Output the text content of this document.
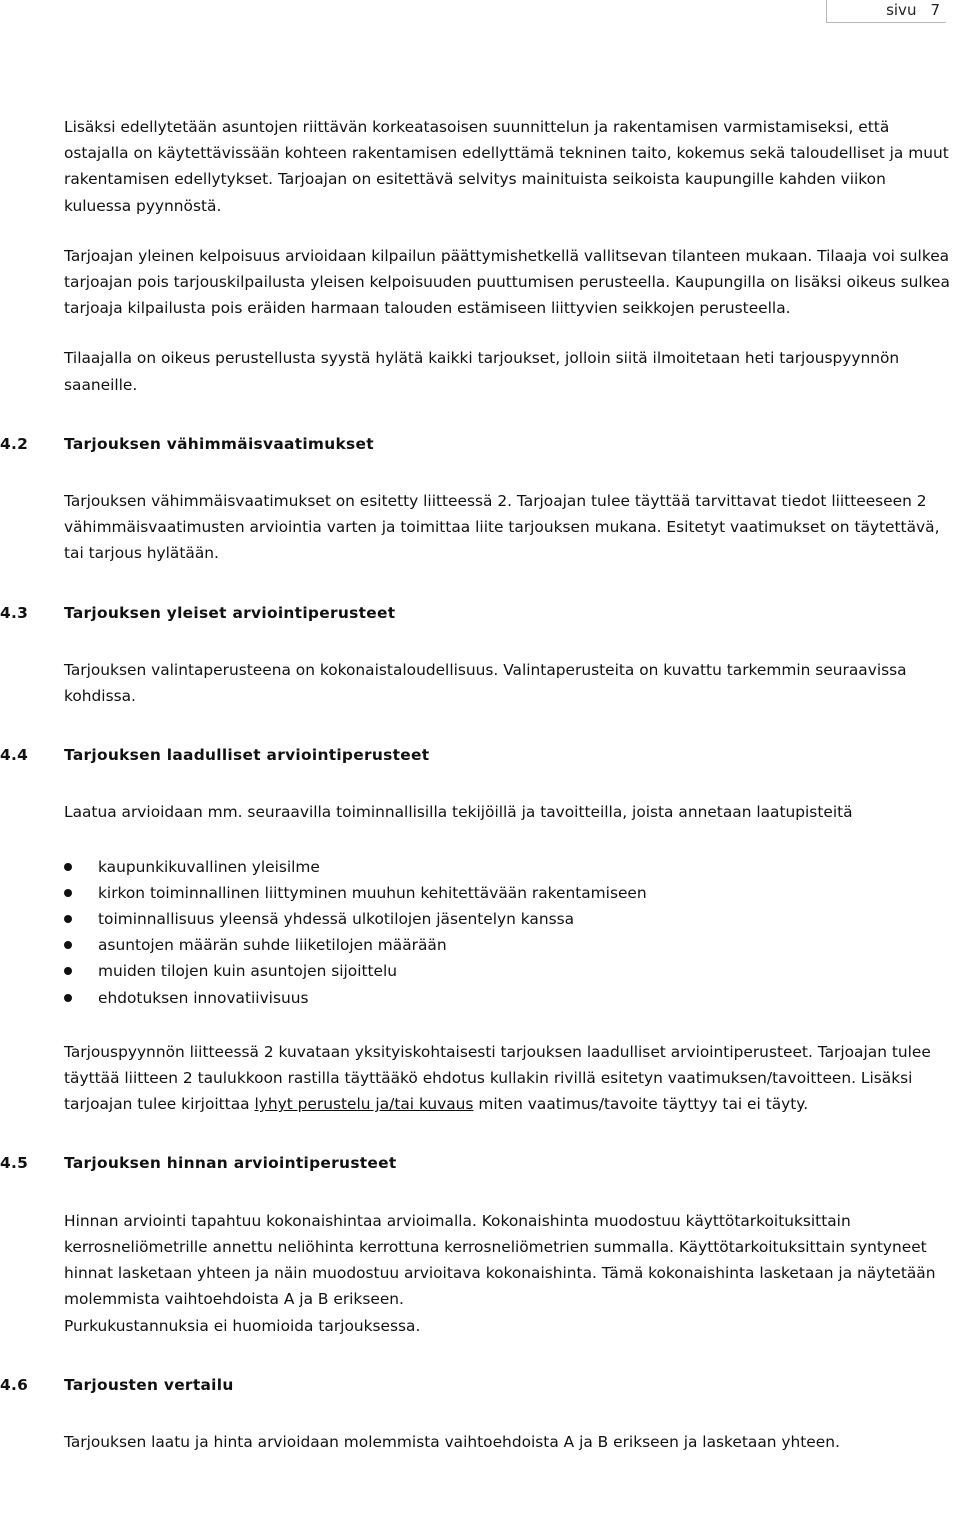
sivu 7

Lisäksi edellytetään asuntojen riittävän korkeatasoisen suunnittelun ja rakentamisen varmistamiseksi, että ostajalla on käytettävissään kohteen rakentamisen edellyttämä tekninen taito, kokemus sekä taloudelliset ja muut rakentamisen edellytykset. Tarjoajan on esitettävä selvitys mainituista seikoista kaupungille kahden viikon kuluessa pyynnöstä.

Tarjoajan yleinen kelpoisuus arvioidaan kilpailun päättymishetkellä vallitsevan tilanteen mukaan. Tilaaja voi sulkea tarjoajan pois tarjouskilpailusta yleisen kelpoisuuden puuttumisen perusteella. Kaupungilla on lisäksi oikeus sulkea tarjoaja kilpailusta pois eräiden harmaan talouden estämiseen liittyvien seikkojen perusteella.

Tilaajalla on oikeus perustellusta syystä hylätä kaikki tarjoukset, jolloin siitä ilmoitetaan heti tarjouspyynnön saaneille.

4.2 Tarjouksen vähimmäisvaatimukset

Tarjouksen vähimmäisvaatimukset on esitetty liitteessä 2. Tarjoajan tulee täyttää tarvittavat tiedot liitteeseen 2 vähimmäisvaatimusten arviointia varten ja toimittaa liite tarjouksen mukana. Esitetyt vaatimukset on täytettävä, tai tarjous hylätään.

4.3 Tarjouksen yleiset arviointiperusteet

Tarjouksen valintaperusteena on kokonaistaloudellisuus. Valintaperusteita on kuvattu tarkemmin seuraavissa kohdissa.

4.4 Tarjouksen laadulliset arviointiperusteet

Laatua arvioidaan mm. seuraavilla toiminnallisilla tekijöillä ja tavoitteilla, joista annetaan laatupisteitä

kaupunkikuvallinen yleisilme
kirkon toiminnallinen liittyminen muuhun kehitettävään rakentamiseen
toiminnallisuus yleensä yhdessä ulkotilojen jäsentelyn kanssa
asuntojen määrän suhde liiketilojen määrään
muiden tilojen kuin asuntojen sijoittelu
ehdotuksen innovatiivisuus

Tarjouspyynnön liitteessä 2 kuvataan yksityiskohtaisesti tarjouksen laadulliset arviointiperusteet. Tarjoajan tulee täyttää liitteen 2 taulukkoon rastilla täyttääkö ehdotus kullakin rivillä esitetyn vaatimuksen/tavoitteen. Lisäksi tarjoajan tulee kirjoittaa lyhyt perustelu ja/tai kuvaus miten vaatimus/tavoite täyttyy tai ei täyty.

4.5 Tarjouksen hinnan arviointiperusteet

Hinnan arviointi tapahtuu kokonaishintaa arvioimalla. Kokonaishinta muodostuu käyttötarkoituksittain kerrosneliömetrille annettu neliöhinta kerrottuna kerrosneliömetrien summalla. Käyttötarkoituksittain syntyneet hinnat lasketaan yhteen ja näin muodostuu arvioitava kokonaishinta. Tämä kokonaishinta lasketaan ja näytetään molemmista vaihtoehdoista A ja B erikseen.

Purkukustannuksia ei huomioida tarjouksessa.

4.6 Tarjousten vertailu

Tarjouksen laatu ja hinta arvioidaan molemmista vaihtoehdoista A ja B erikseen ja lasketaan yhteen.
